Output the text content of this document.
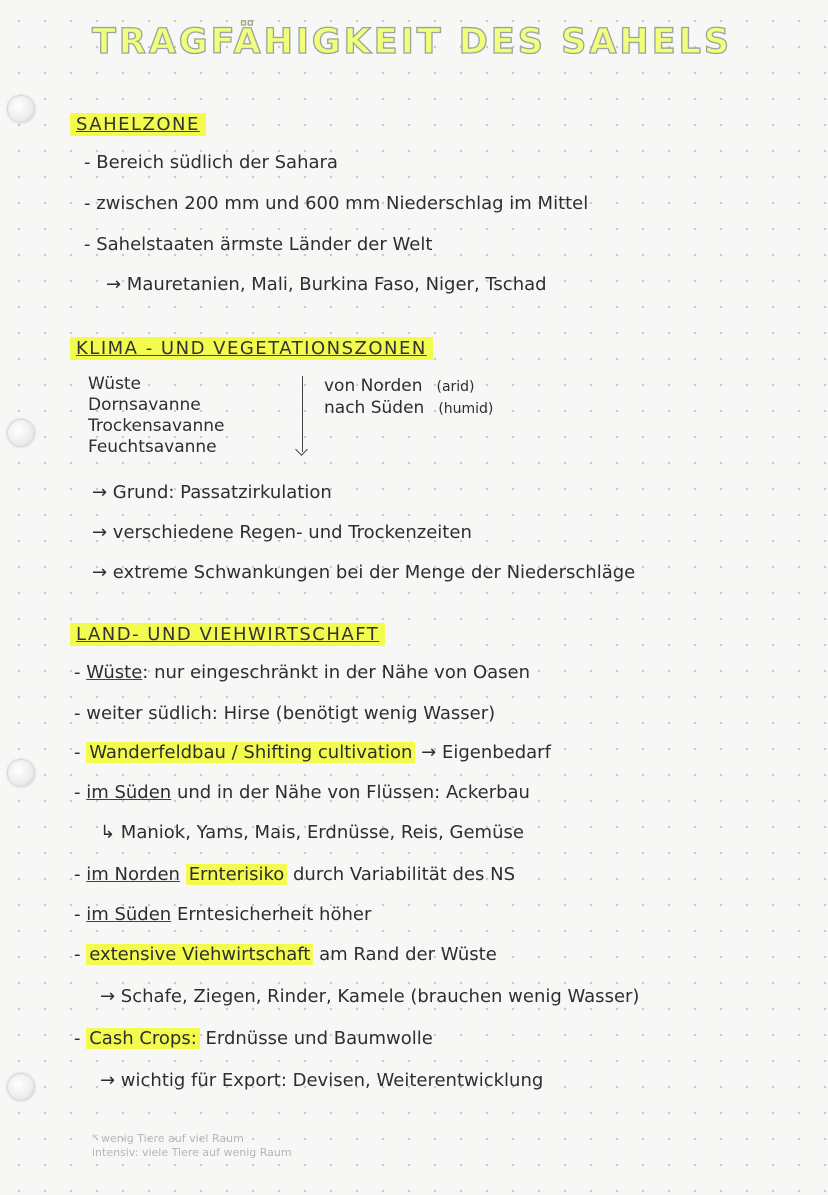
TRAGFÄHIGKEIT DES SAHELS
SAHELZONE
- Bereich südlich der Sahara
- zwischen 200 mm und 600 mm Niederschlag im Mittel
- Sahelstaaten ärmste Länder der Welt
→ Mauretanien, Mali, Burkina Faso, Niger, Tschad
KLIMA - UND VEGETATIONSZONEN
Wüste
Dornsavanne
Trockensavanne
Feuchtsavanne
von Norden (arid)
nach Süden (humid)
→ Grund: Passatzirkulation
→ verschiedene Regen- und Trockenzeiten
→ extreme Schwankungen bei der Menge der Niederschläge
LAND- UND VIEHWIRTSCHAFT
- Wüste: nur eingeschränkt in der Nähe von Oasen
- weiter südlich: Hirse (benötigt wenig Wasser)
- Wanderfeldbau / Shifting cultivation → Eigenbedarf
- im Süden und in der Nähe von Flüssen: Ackerbau
↳ Maniok, Yams, Mais, Erdnüsse, Reis, Gemüse
- im Norden Ernterisiko durch Variabilität des NS
- im Süden Erntesicherheit höher
- extensive Viehwirtschaft am Rand der Wüste
→ Schafe, Ziegen, Rinder, Kamele (brauchen wenig Wasser)
- Cash Crops: Erdnüsse und Baumwolle
→ wichtig für Export: Devisen, Weiterentwicklung
* wenig Tiere auf viel Raum
intensiv: viele Tiere auf wenig Raum
